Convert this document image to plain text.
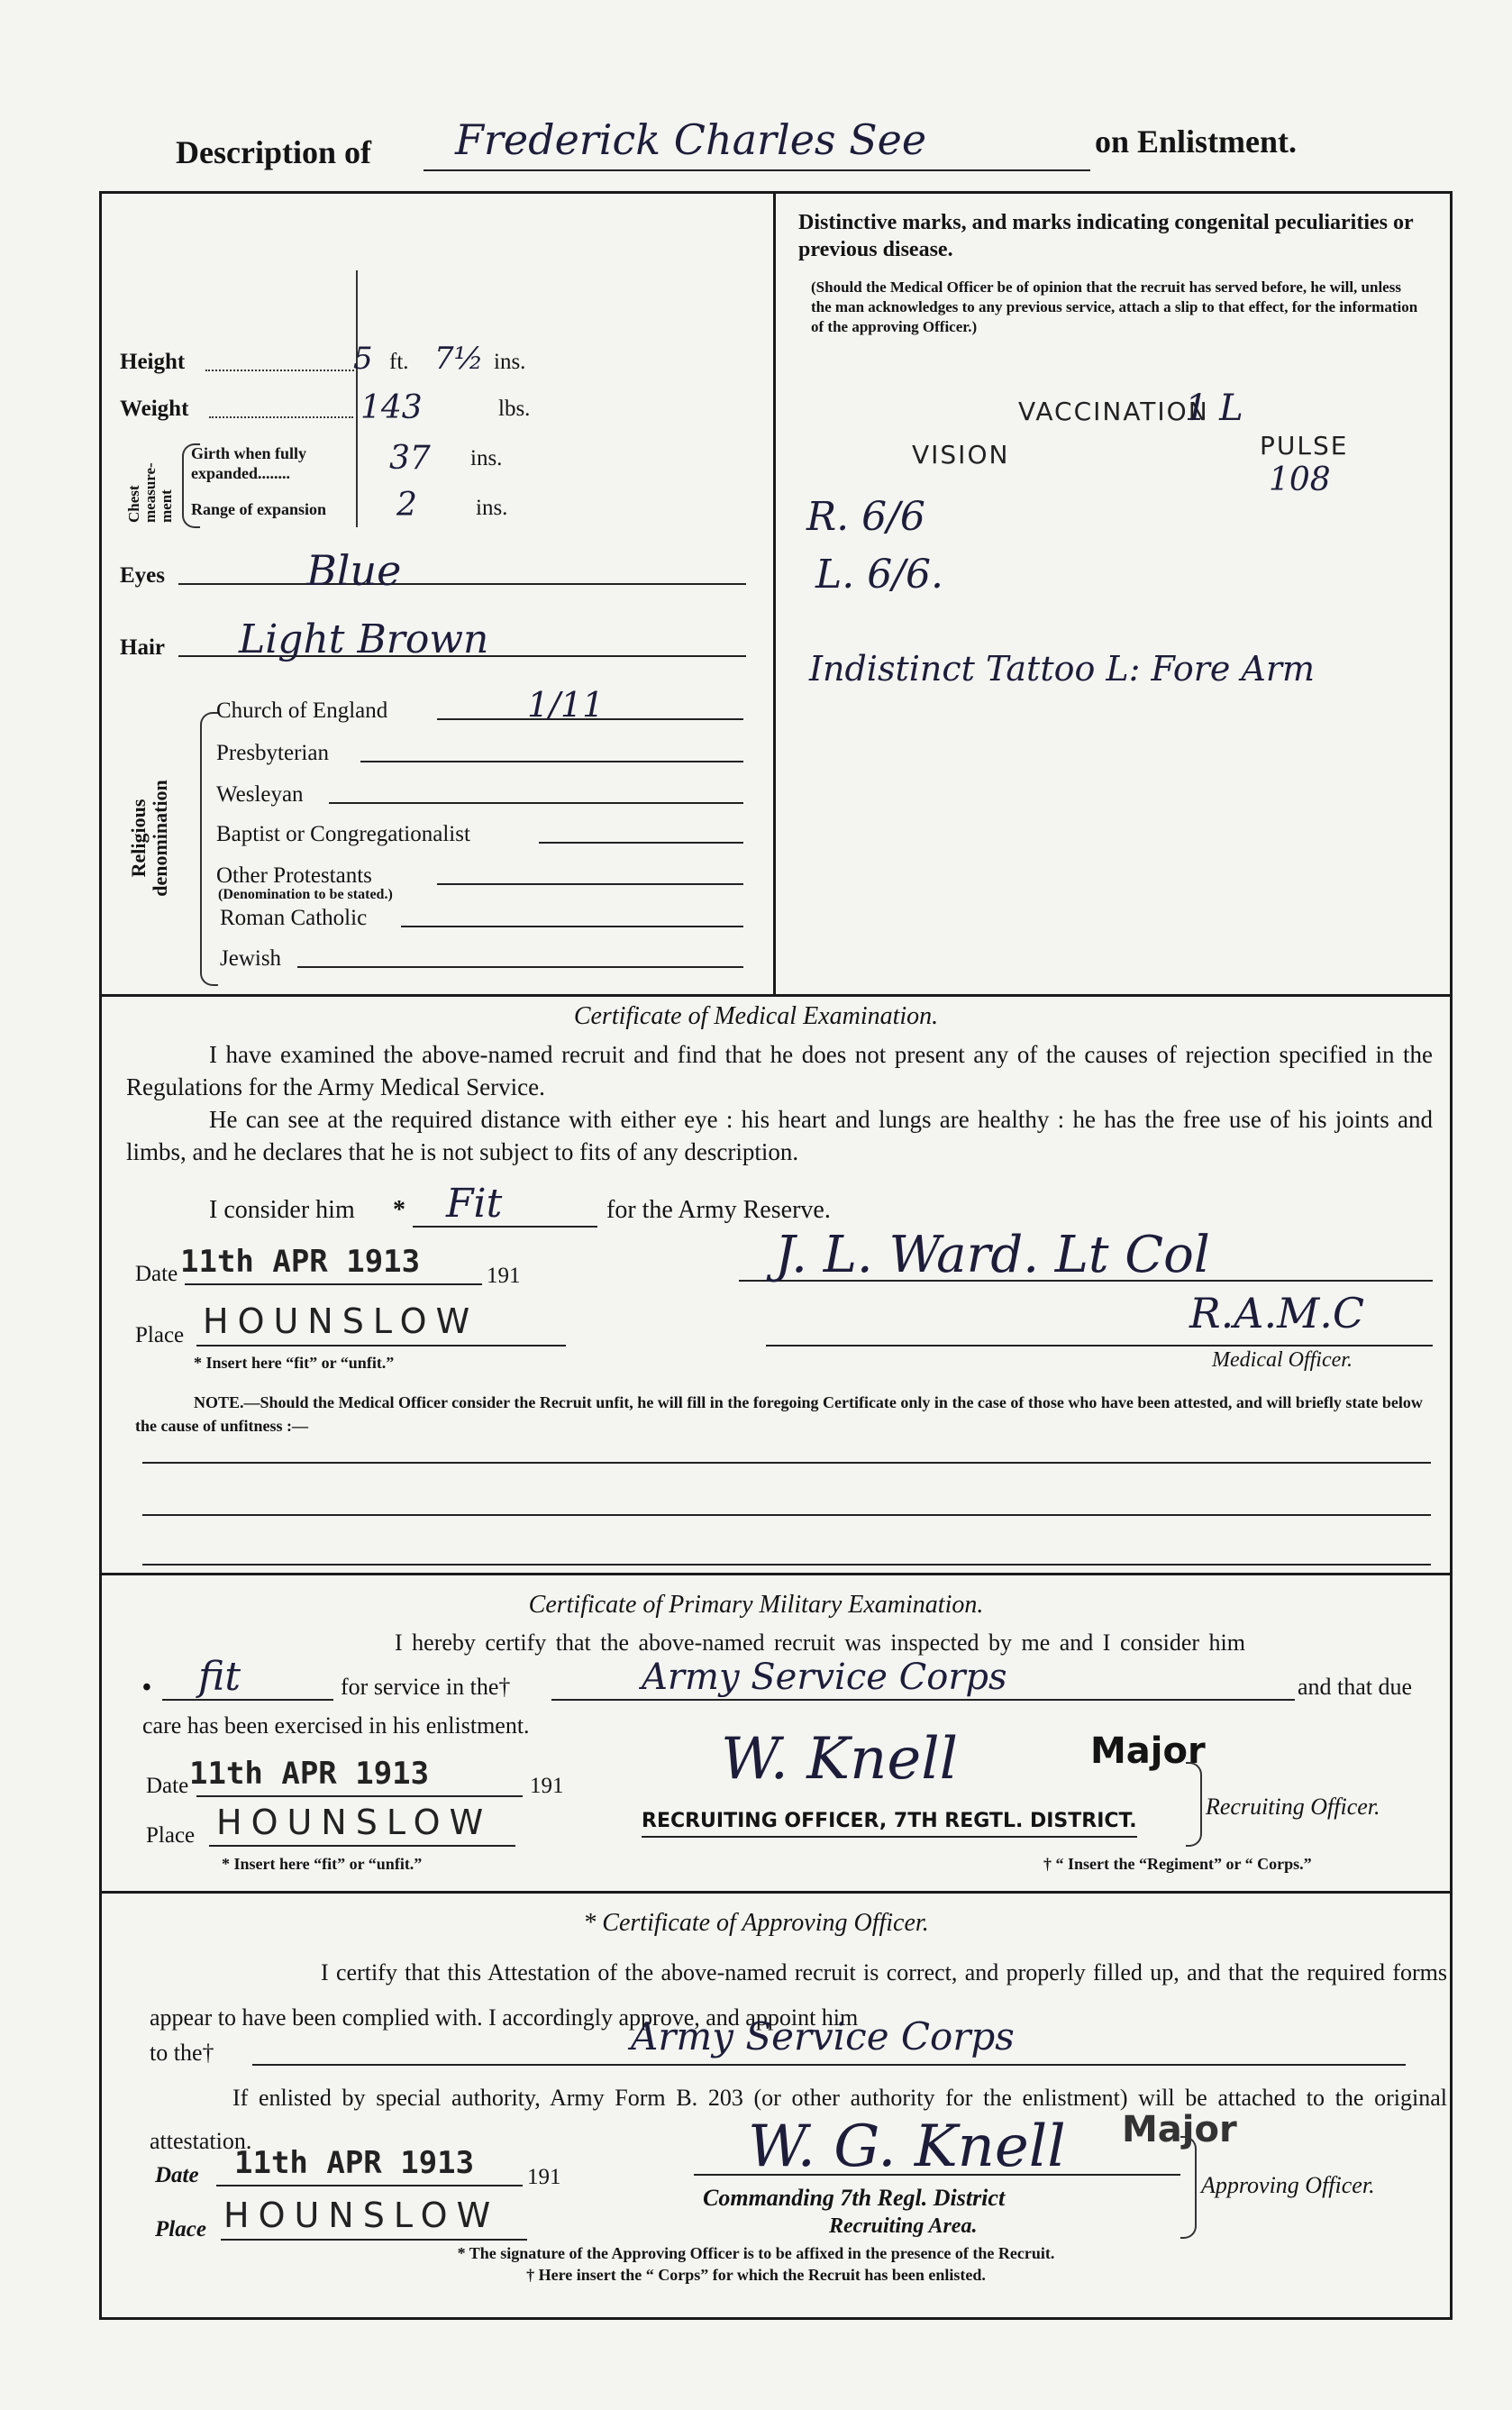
Description of Frederick Charles See	on Enlistment.
Height	5 ft. 7½ ins.
Weight	143	lbs.
Chest measure-ment
Girth when fully expanded........	37 ins.
Range of expansion 2	ins.
Eyes	Blue
Hair Light Brown
Religious denomination
Church of England	1/11
Presbyterian
Wesleyan
Baptist or Congregationalist
Other Protestants
(Denomination to be stated.)
Roman Catholic
Jewish
Distinctive marks, and marks indicating congenital peculiarities or previous disease.
(Should the Medical Officer be of opinion that the recruit has served before, he will, unless the man acknowledges to any previous service, attach a slip to that effect, for the information of the approving Officer.)
VACCINATION
1 L
VISION	PULSE
108
R. 6/6
L. 6/6.
Indistinct Tattoo L: Fore Arm
Certificate of Medical Examination.
I have examined the above-named recruit and find that he does not present any of the causes of rejection specified in the Regulations for the Army Medical Service.
He can see at the required distance with either eye : his heart and lungs are healthy : he has the free use of his joints and limbs, and he declares that he is not subject to fits of any description.
I consider him * Fit	for the Army Reserve.
Date 11th APR 1913	191
Place HOUNSLOW
* Insert here “fit” or “unfit.”
J. L. Ward. Lt Col
R.A.M.C
Medical Officer.
NOTE.—Should the Medical Officer consider the Recruit unfit, he will fill in the foregoing Certificate only in the case of those who have been attested, and will briefly state below the cause of unfitness :—
Certificate of Primary Military Examination.
I hereby certify that the above-named recruit was inspected by me and I consider him
• fit	for service in the†	Army Service Corps	and that due
care has been exercised in his enlistment.
Date 11th APR 1913	191
Place HOUNSLOW
* Insert here “fit” or “unfit.”
W. Knell	Major
RECRUITING OFFICER, 7TH REGTL. DISTRICT.
Recruiting Officer.
† “ Insert the “Regiment” or “ Corps.”
* Certificate of Approving Officer.
I certify that this Attestation of the above-named recruit is correct, and properly filled up, and that the required forms appear to have been complied with. I accordingly approve, and appoint him
to the†	Army Service Corps
If enlisted by special authority, Army Form B. 203 (or other authority for the enlistment) will be attached to the original attestation.
Date 11th APR 1913 191
Place HOUNSLOW
W. G. Knell Major
Commanding 7th Regl. District
Recruiting Area.
Approving Officer.
* The signature of the Approving Officer is to be affixed in the presence of the Recruit.
† Here insert the “ Corps” for which the Recruit has been enlisted.
